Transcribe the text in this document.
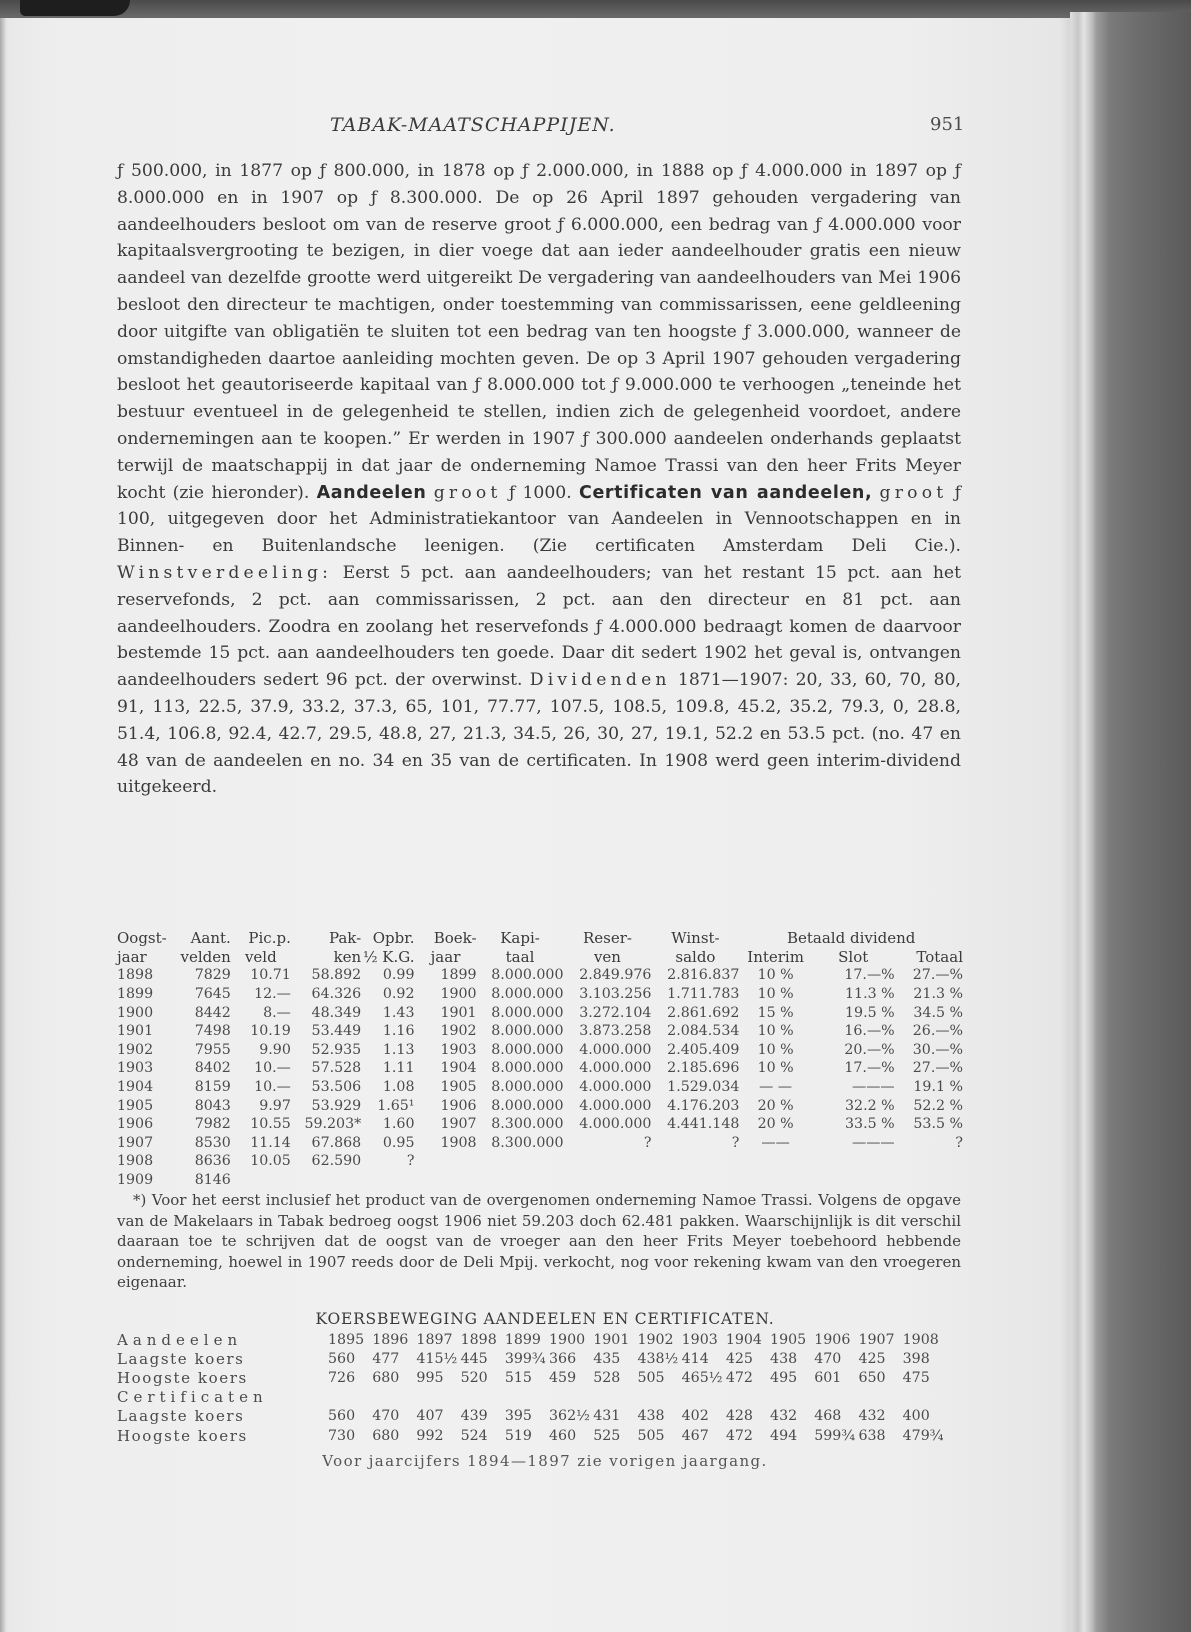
TABAK-MAATSCHAPPIJEN.	951

ƒ 500.000, in 1877 op ƒ 800.000, in 1878 op ƒ 2.000.000, in 1888 op ƒ 4.000.000 in 1897 op ƒ 8.000.000 en in 1907 op ƒ 8.300.000. De op 26 April 1897 gehouden vergadering van aandeelhouders besloot om van de reserve groot ƒ 6.000.000, een bedrag van ƒ 4.000.000 voor kapitaalsvergrooting te bezigen, in dier voege dat aan ieder aandeelhouder gratis een nieuw aandeel van dezelfde grootte werd uitgereikt De vergadering van aandeelhouders van Mei 1906 besloot den directeur te machtigen, onder toestemming van commissarissen, eene geldleening door uitgifte van obligatiën te sluiten tot een bedrag van ten hoogste ƒ 3.000.000, wanneer de omstandigheden daartoe aanleiding mochten geven. De op 3 April 1907 gehouden vergadering besloot het geautoriseerde kapitaal van ƒ 8.000.000 tot ƒ 9.000.000 te verhoogen „teneinde het bestuur eventueel in de gelegenheid te stellen, indien zich de gelegenheid voordoet, andere ondernemingen aan te koopen.” Er werden in 1907 ƒ 300.000 aandeelen onderhands geplaatst terwijl de maatschappij in dat jaar de onderneming Namoe Trassi van den heer Frits Meyer kocht (zie hieronder). Aandeelen groot ƒ 1000. Certificaten van aandeelen, groot ƒ 100, uitgegeven door het Administratiekantoor van Aandeelen in Vennootschappen en in Binnen- en Buitenlandsche leenigen. (Zie certificaten Amsterdam Deli Cie.). Winstverdeeling: Eerst 5 pct. aan aandeelhouders; van het restant 15 pct. aan het reservefonds, 2 pct. aan commissarissen, 2 pct. aan den directeur en 81 pct. aan aandeelhouders. Zoodra en zoolang het reservefonds ƒ 4.000.000 bedraagt komen de daarvoor bestemde 15 pct. aan aandeelhouders ten goede. Daar dit sedert 1902 het geval is, ontvangen aandeelhouders sedert 96 pct. der overwinst. Dividenden 1871—1907: 20, 33, 60, 70, 80, 91, 113, 22.5, 37.9, 33.2, 37.3, 65, 101, 77.77, 107.5, 108.5, 109.8, 45.2, 35.2, 79.3, 0, 28.8, 51.4, 106.8, 92.4, 42.7, 29.5, 48.8, 27, 21.3, 34.5, 26, 30, 27, 19.1, 52.2 en 53.5 pct. (no. 47 en 48 van de aandeelen en no. 34 en 35 van de certificaten. In 1908 werd geen interim-dividend uitgekeerd.

Oogst-	Aant.	Pic.p.	Pak-	Opbr.	Boek-	Kapi-	Reser-	Winst-	Betaald dividend		
jaar	velden	veld	ken	½ K.G.	jaar	taal	ven	saldo	Interim	Slot	Totaal
1898	7829	10.71	58.892	0.99	1899	8.000.000	2.849.976	2.816.837	10 %	17.—%	27.—%
1899	7645	12.—	64.326	0.92	1900	8.000.000	3.103.256	1.711.783	10 %	11.3 %	21.3 %
1900	8442	8.—	48.349	1.43	1901	8.000.000	3.272.104	2.861.692	15 %	19.5 %	34.5 %
1901	7498	10.19	53.449	1.16	1902	8.000.000	3.873.258	2.084.534	10 %	16.—%	26.—%
1902	7955	9.90	52.935	1.13	1903	8.000.000	4.000.000	2.405.409	10 %	20.—%	30.—%
1903	8402	10.—	57.528	1.11	1904	8.000.000	4.000.000	2.185.696	10 %	17.—%	27.—%
1904	8159	10.—	53.506	1.08	1905	8.000.000	4.000.000	1.529.034	— —	———	19.1 %
1905	8043	9.97	53.929	1.65¹	1906	8.000.000	4.000.000	4.176.203	20 %	32.2 %	52.2 %
1906	7982	10.55	59.203*	1.60	1907	8.300.000	4.000.000	4.441.148	20 %	33.5 %	53.5 %
1907	8530	11.14	67.868	0.95	1908	8.300.000	?	?	——	———	?
1908	8636	10.05	62.590	?							
1909	8146										

*) Voor het eerst inclusief het product van de overgenomen onderneming Namoe Trassi. Volgens de opgave van de Makelaars in Tabak bedroeg oogst 1906 niet 59.203 doch 62.481 pakken. Waarschijnlijk is dit verschil daaraan toe te schrijven dat de oogst van de vroeger aan den heer Frits Meyer toebehoord hebbende onderneming, hoewel in 1907 reeds door de Deli Mpij. verkocht, nog voor rekening kwam van den vroegeren eigenaar.

KOERSBEWEGING AANDEELEN EN CERTIFICATEN.
Aandeelen	1895	1896	1897	1898	1899	1900	1901	1902	1903	1904	1905	1906	1907	1908
Laagste koers	560	477	415½	445	399¾	366	435	438½	414	425	438	470	425	398
Hoogste koers	726	680	995	520	515	459	528	505	465½	472	495	601	650	475
Certificaten														
Laagste koers	560	470	407	439	395	362½	431	438	402	428	432	468	432	400
Hoogste koers	730	680	992	524	519	460	525	505	467	472	494	599¾	638	479¾
Voor jaarcijfers 1894—1897 zie vorigen jaargang.
